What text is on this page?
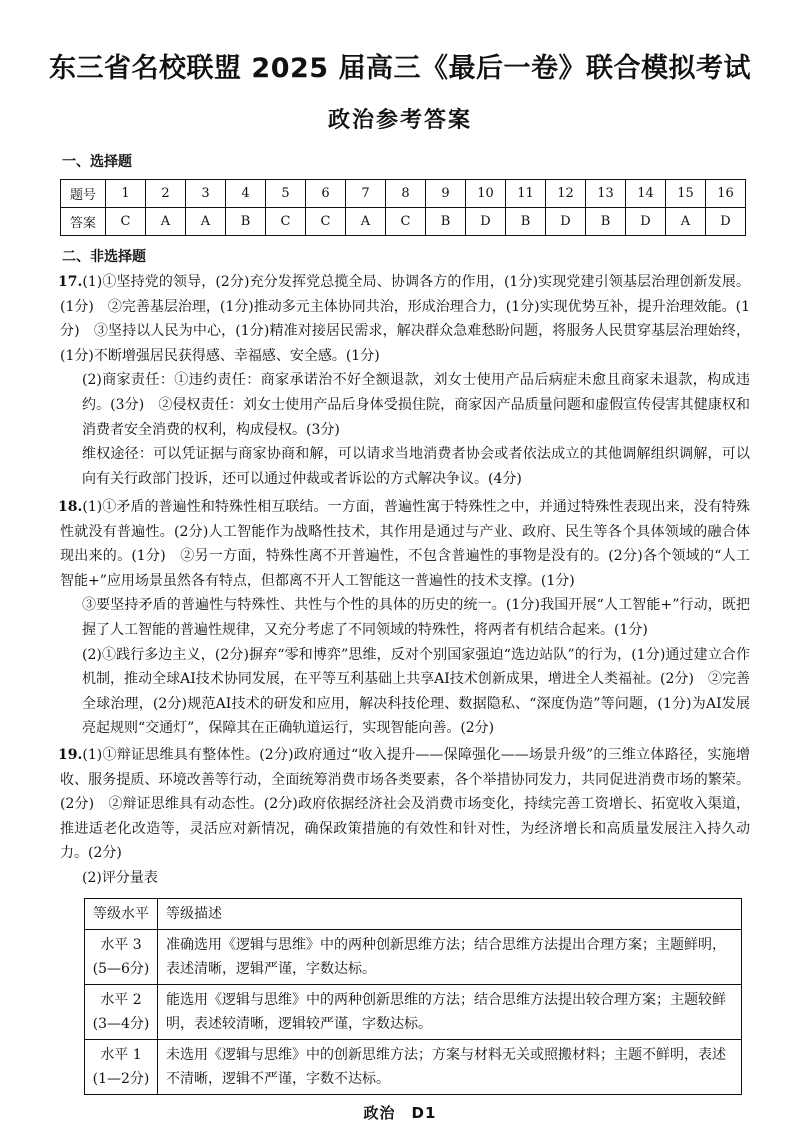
东三省名校联盟 2025 届高三《最后一卷》联合模拟考试
政治参考答案
一、选择题
题号	1	2	3	4	5	6	7	8	9	10	11	12	13	14	15	16
答案	C	A	A	B	C	C	A	C	B	D	B	D	B	D	A	D
二、非选择题

17.(1)①坚持党的领导，(2分)充分发挥党总揽全局、协调各方的作用，(1分)实现党建引领基层治理创新发展。(1分)　②完善基层治理，(1分)推动多元主体协同共治，形成治理合力，(1分)实现优势互补，提升治理效能。(1分)　③坚持以人民为中心，(1分)精准对接居民需求，解决群众急难愁盼问题，将服务人民贯穿基层治理始终，(1分)不断增强居民获得感、幸福感、安全感。(1分)

(2)商家责任：①违约责任：商家承诺治不好全额退款，刘女士使用产品后病症未愈且商家未退款，构成违约。(3分)　②侵权责任：刘女士使用产品后身体受损住院，商家因产品质量问题和虚假宣传侵害其健康权和消费者安全消费的权利，构成侵权。(3分)

维权途径：可以凭证据与商家协商和解，可以请求当地消费者协会或者依法成立的其他调解组织调解，可以向有关行政部门投诉，还可以通过仲裁或者诉讼的方式解决争议。(4分)

18.(1)①矛盾的普遍性和特殊性相互联结。一方面，普遍性寓于特殊性之中，并通过特殊性表现出来，没有特殊性就没有普遍性。(2分)人工智能作为战略性技术，其作用是通过与产业、政府、民生等各个具体领域的融合体现出来的。(1分)　②另一方面，特殊性离不开普遍性，不包含普遍性的事物是没有的。(2分)各个领域的“人工智能+”应用场景虽然各有特点，但都离不开人工智能这一普遍性的技术支撑。(1分)

③要坚持矛盾的普遍性与特殊性、共性与个性的具体的历史的统一。(1分)我国开展“人工智能+”行动，既把握了人工智能的普遍性规律，又充分考虑了不同领域的特殊性，将两者有机结合起来。(1分)

(2)①践行多边主义，(2分)摒弃“零和博弈”思维，反对个别国家强迫“选边站队”的行为，(1分)通过建立合作机制，推动全球AI技术协同发展，在平等互利基础上共享AI技术创新成果，增进全人类福祉。(2分)　②完善全球治理，(2分)规范AI技术的研发和应用，解决科技伦理、数据隐私、“深度伪造”等问题，(1分)为AI发展亮起规则“交通灯”，保障其在正确轨道运行，实现智能向善。(2分)

19.(1)①辩证思维具有整体性。(2分)政府通过“收入提升——保障强化——场景升级”的三维立体路径，实施增收、服务提质、环境改善等行动，全面统筹消费市场各类要素，各个举措协同发力，共同促进消费市场的繁荣。(2分)　②辩证思维具有动态性。(2分)政府依据经济社会及消费市场变化，持续完善工资增长、拓宽收入渠道，推进适老化改造等，灵活应对新情况，确保政策措施的有效性和针对性，为经济增长和高质量发展注入持久动力。(2分)

(2)评分量表

等级水平	等级描述

水平 3
(5—6分)	准确选用《逻辑与思维》中的两种创新思维方法；结合思维方法提出合理方案；主题鲜明，表述清晰，逻辑严谨，字数达标。

水平 2
(3—4分)	能选用《逻辑与思维》中的两种创新思维的方法；结合思维方法提出较合理方案；主题较鲜明，表述较清晰，逻辑较严谨，字数达标。

水平 1
(1—2分)	未选用《逻辑与思维》中的创新思维方法；方案与材料无关或照搬材料；主题不鲜明，表述不清晰，逻辑不严谨，字数不达标。
政治　D1
